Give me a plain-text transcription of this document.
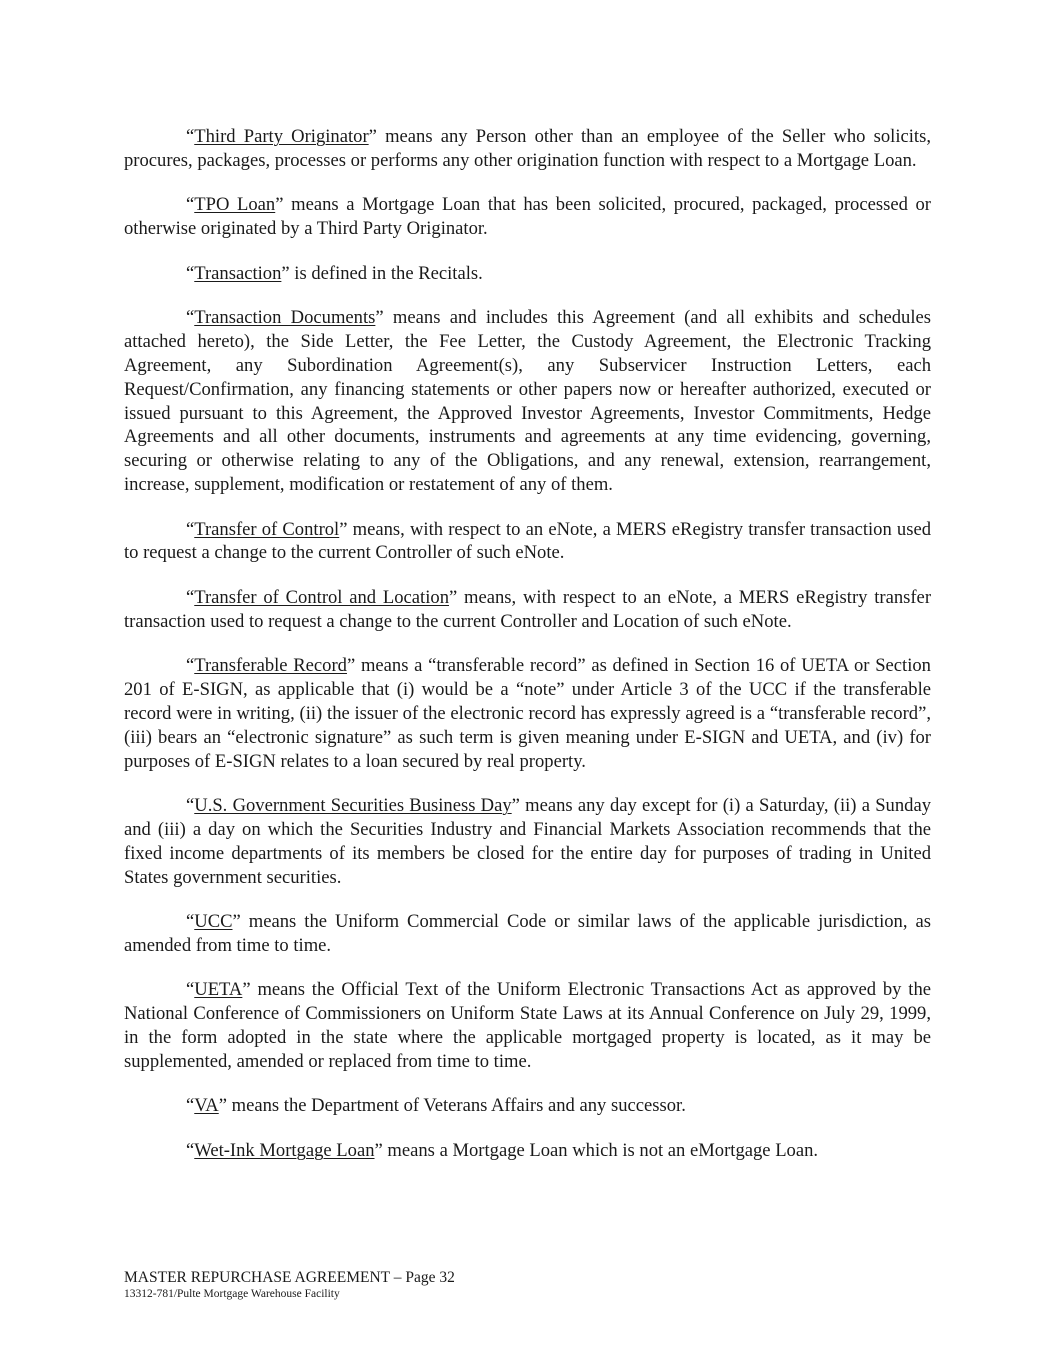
“Third Party Originator” means any Person other than an employee of the Seller who solicits, procures, packages, processes or performs any other origination function with respect to a Mortgage Loan.

“TPO Loan” means a Mortgage Loan that has been solicited, procured, packaged, processed or otherwise originated by a Third Party Originator.

“Transaction” is defined in the Recitals.

“Transaction Documents” means and includes this Agreement (and all exhibits and schedules attached hereto), the Side Letter, the Fee Letter, the Custody Agreement, the Electronic Tracking Agreement, any Subordination Agreement(s), any Subservicer Instruction Letters, each Request/Confirmation, any financing statements or other papers now or hereafter authorized, executed or issued pursuant to this Agreement, the Approved Investor Agreements, Investor Commitments, Hedge Agreements and all other documents, instruments and agreements at any time evidencing, governing, securing or otherwise relating to any of the Obligations, and any renewal, extension, rearrangement, increase, supplement, modification or restatement of any of them.

“Transfer of Control” means, with respect to an eNote, a MERS eRegistry transfer transaction used to request a change to the current Controller of such eNote.

“Transfer of Control and Location” means, with respect to an eNote, a MERS eRegistry transfer transaction used to request a change to the current Controller and Location of such eNote.

“Transferable Record” means a “transferable record” as defined in Section 16 of UETA or Section 201 of E-SIGN, as applicable that (i) would be a “note” under Article 3 of the UCC if the transferable record were in writing, (ii) the issuer of the electronic record has expressly agreed is a “transferable record”, (iii) bears an “electronic signature” as such term is given meaning under E-SIGN and UETA, and (iv) for purposes of E-SIGN relates to a loan secured by real property.

“U.S. Government Securities Business Day” means any day except for (i) a Saturday, (ii) a Sunday and (iii) a day on which the Securities Industry and Financial Markets Association recommends that the fixed income departments of its members be closed for the entire day for purposes of trading in United States government securities.

“UCC” means the Uniform Commercial Code or similar laws of the applicable jurisdiction, as amended from time to time.

“UETA” means the Official Text of the Uniform Electronic Transactions Act as approved by the National Conference of Commissioners on Uniform State Laws at its Annual Conference on July 29, 1999, in the form adopted in the state where the applicable mortgaged property is located, as it may be supplemented, amended or replaced from time to time.

“VA” means the Department of Veterans Affairs and any successor.

“Wet-Ink Mortgage Loan” means a Mortgage Loan which is not an eMortgage Loan.

MASTER REPURCHASE AGREEMENT – Page 32
13312-781/Pulte Mortgage Warehouse Facility
